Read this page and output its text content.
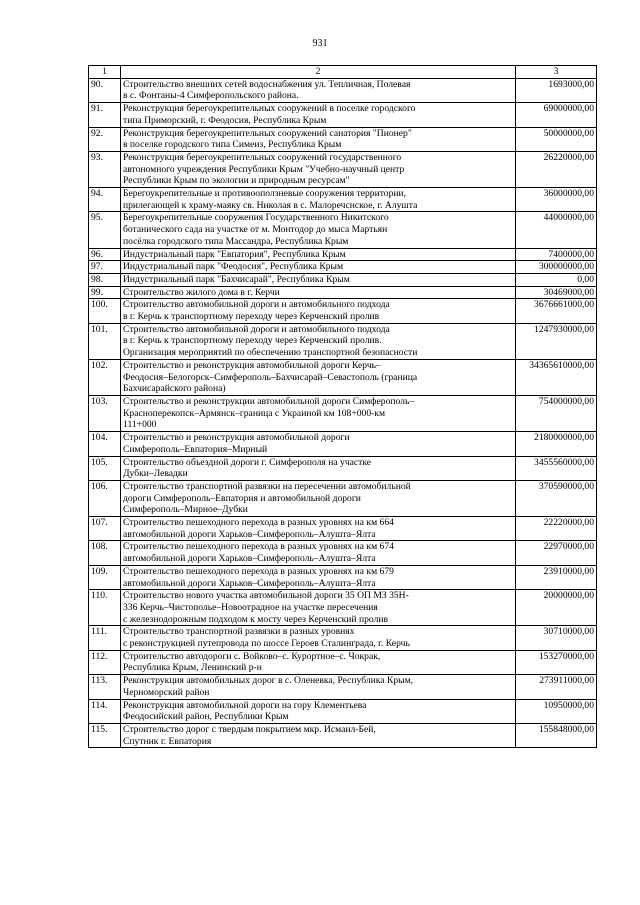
931
1	2	3
90.	Строительство внешних сетей водоснабжения ул. Тепличная, Полевая
в с. Фонтаны-4 Симферопольского района.	1693000,00
91.	Реконструкция берегоукрепительных сооружений в поселке городского
типа Приморский, г. Феодосия, Республика Крым	69000000,00
92.	Реконструкция берегоукрепительных сооружений санатория "Пионер"
в поселке городского типа Симеиз, Республика Крым	50000000,00
93.	Реконструкция берегоукрепительных сооружений государственного
автономного учреждения Республики Крым "Учебно-научный центр
Республики Крым по экологии и природным ресурсам"	26220000,00
94.	Берегоукрепительные и противооползневые сооружения территории,
прилегающей к храму-маяку св. Николая в с. Малоречснское, г. Алушта	36000000,00
95.	Берегоукрепительные сооружения Государственного Никитского
ботанического сада на участке от м. Монтодор до мыса Мартьян
посёлка городского типа Массандра, Республика Крым	44000000,00
96.	Индустриальный парк "Евпатория", Республика Крым	7400000,00
97.	Индустриальный парк "Феодосия", Республика Крым	300000000,00
98.	Индустриальный парк "Бахчисарай", Республика Крым	0,00
99.	Строительство жилого дома в г. Керчи	30469000,00
100.	Строительство автомобильной дороги и автомобильного подхода
в г. Керчь к транспортному переходу через Керченский пролив	3676661000,00
101.	Строительство автомобильной дороги и автомобильного подхода
в г. Керчь к транспортному переходу через Керченский пролив.
Организация мероприятий по обеспечению транспортной безопасности	1247930000,00
102.	Строительство и реконструкция автомобильной дороги Керчь–
Феодосия–Белогорск–Симферополь–Бахчисарай–Севастополь (граница
Бахчисарайского района)	34365610000,00
103.	Строительство и реконструкции автомобильной дороги Симферополь–
Красноперекопск–Армянск–граница с Украиной км 108+000-км
111+000	754000000,00
104.	Строительство и реконструкция автомобильной дороги
Симферополь–Евпатория–Мирный	2180000000,00
105.	Строительство объездной дороги г. Симферополя на участке
Дубки–Левадки	3455560000,00
106.	Строительство транспортной развязки на пересечении автомобильной
дороги Симферополь–Евпатория и автомобильной дороги
Симферополь–Мирное–Дубки	370590000,00
107.	Строительство пешеходного перехода в разных уровнях на км 664
автомобильной дороги Харьков–Симферополь–Алушта–Ялта	22220000,00
108.	Строительство пешеходного перехода в разных уровнях на км 674
автомобильной дороги Харьков–Симферополь–Алушта–Ялта	22970000,00
109.	Строительство пешеходного перехода в разных уровнях на км 679
автомобильной дороги Харьков–Симферополь–Алушта–Ялта	23910000,00
110.	Строительство нового участка автомобильной дороги 35 ОП МЗ 35Н-
336 Керчь–Чистополье–Новоотрадное на участке пересечения
с железнодорожным подходом к мосту через Керченский пролив	20000000,00
111.	Строительство транспортной развязки в разных уровнях
с реконструкцией путепровода по шоссе Героев Сталинграда, г. Керчь	30710000,00
112.	Строительство автодороги с. Войково–с. Курортное–с. Чокрак,
Республика Крым, Ленинский р-н	153270000,00
113.	Реконструкция автомобильных дорог в с. Оленевка, Республика Крым,
Черноморский район	273911000,00
114.	Реконструкция автомобильной дороги на гору Клементьева
Феодосийский район, Республики Крым	10950000,00
115.	Строительство дорог с твердым покрытием мкр. Исмаил-Бей,
Спутник г. Евпатория	155848000,00
